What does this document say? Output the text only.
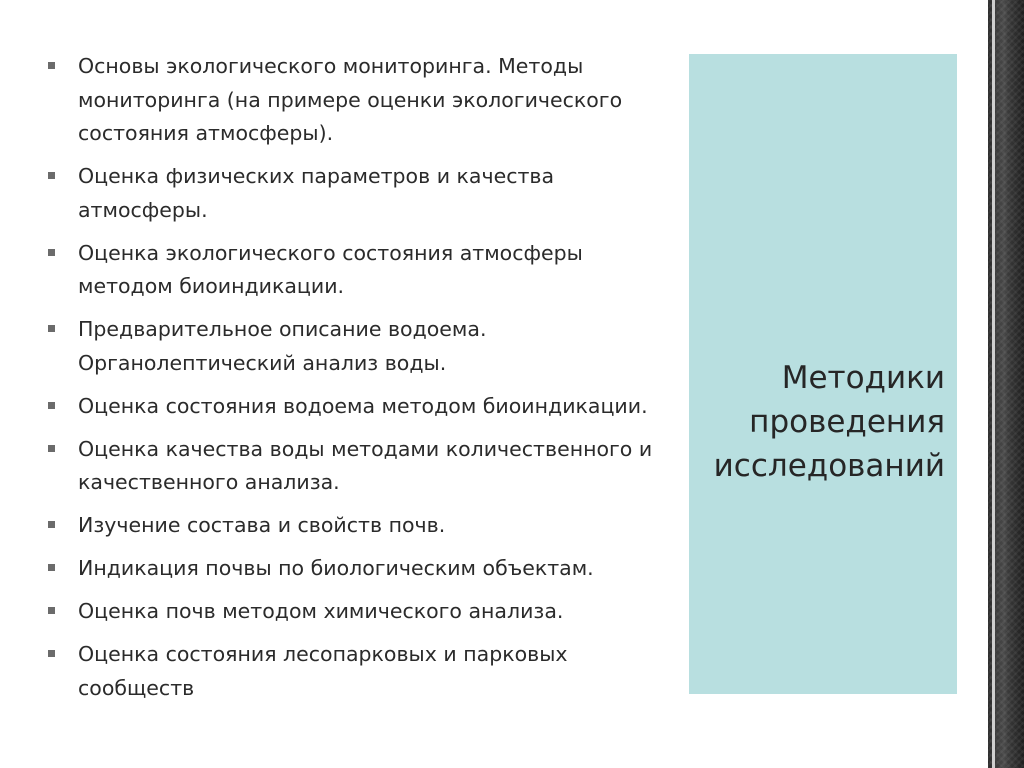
Основы экологического мониторинга. Методы мониторинга (на примере оценки экологического состояния атмосферы).
Оценка физических параметров и качества атмосферы.
Оценка экологического состояния атмосферы методом биоиндикации.
Предварительное описание водоема. Органолептический анализ воды.
Оценка состояния водоема методом биоиндикации.
Оценка качества воды методами количественного и качественного анализа.
Изучение состава и свойств почв.
Индикация почвы по биологическим объектам.
Оценка почв методом химического анализа.
Оценка состояния лесопарковых и парковых сообществ
Методики
проведения
исследований
